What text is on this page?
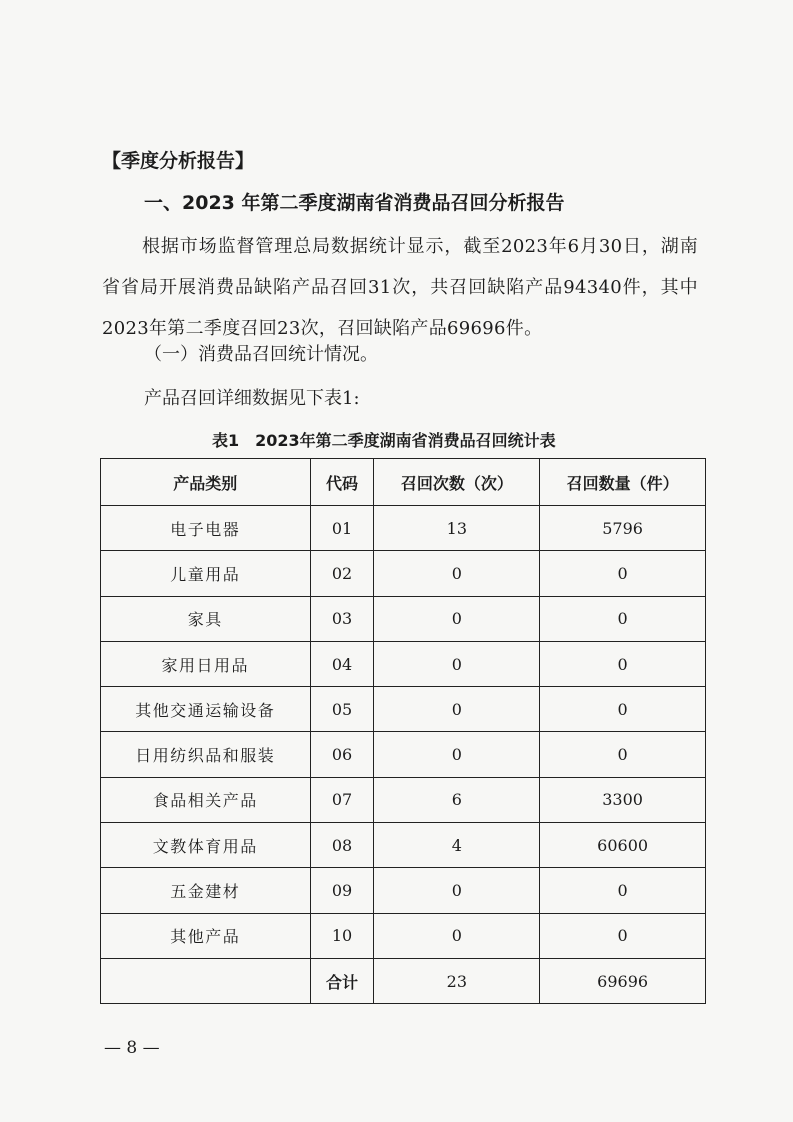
【季度分析报告】
一、2023 年第二季度湖南省消费品召回分析报告
根据市场监督管理总局数据统计显示，截至2023年6月30日，湖南省省局开展消费品缺陷产品召回31次，共召回缺陷产品94340件，其中2023年第二季度召回23次，召回缺陷产品69696件。
（一）消费品召回统计情况。
产品召回详细数据见下表1:
表1　2023年第二季度湖南省消费品召回统计表
产品类别	代码	召回次数（次）	召回数量（件）
电子电器	01	13	5796
儿童用品	02	0	0
家具	03	0	0
家用日用品	04	0	0
其他交通运输设备	05	0	0
日用纺织品和服装	06	0	0
食品相关产品	07	6	3300
文教体育用品	08	4	60600
五金建材	09	0	0
其他产品	10	0	0
	合计	23	69696
— 8 —
